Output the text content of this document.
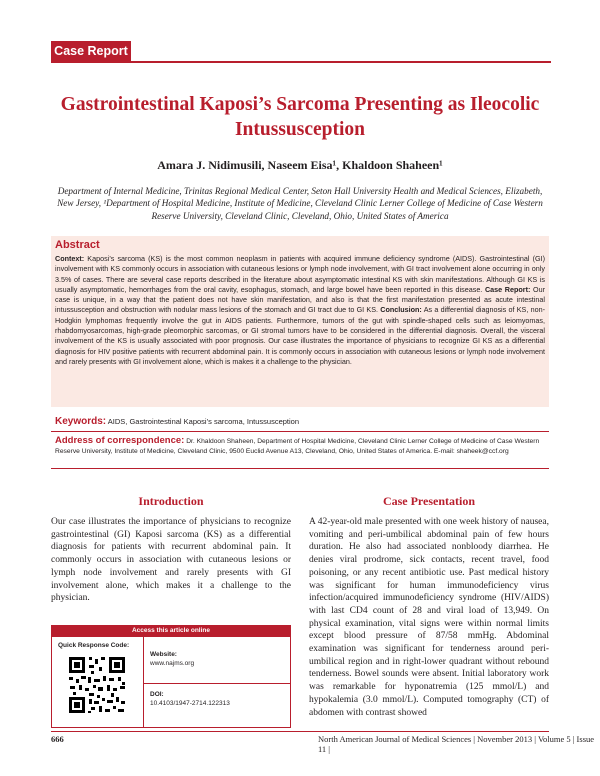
Case Report
Gastrointestinal Kaposi’s Sarcoma Presenting as Ileocolic Intussusception
Amara J. Nidimusili, Naseem Eisa¹, Khaldoon Shaheen¹
Department of Internal Medicine, Trinitas Regional Medical Center, Seton Hall University Health and Medical Sciences, Elizabeth, New Jersey, ¹Department of Hospital Medicine, Institute of Medicine, Cleveland Clinic Lerner College of Medicine of Case Western Reserve University, Cleveland Clinic, Cleveland, Ohio, United States of America
Abstract
Context: Kaposi’s sarcoma (KS) is the most common neoplasm in patients with acquired immune deficiency syndrome (AIDS). Gastrointestinal (GI) involvement with KS commonly occurs in association with cutaneous lesions or lymph node involvement, with GI tract involvement alone occurring in only 3.5% of cases. There are several case reports described in the literature about asymptomatic intestinal KS with skin manifestations. Although GI KS is usually asymptomatic, hemorrhages from the oral cavity, esophagus, stomach, and large bowel have been reported in this disease. Case Report: Our case is unique, in a way that the patient does not have skin manifestation, and also is that the first manifestation presented as acute intestinal intussusception and obstruction with nodular mass lesions of the stomach and GI tract due to GI KS. Conclusion: As a differential diagnosis of KS, non-Hodgkin lymphomas frequently involve the gut in AIDS patients. Furthermore, tumors of the gut with spindle-shaped cells such as leiomyomas, rhabdomyosarcomas, high-grade pleomorphic sarcomas, or GI stromal tumors have to be considered in the differential diagnosis. Overall, the visceral involvement of the KS is usually associated with poor prognosis. Our case illustrates the importance of physicians to recognize GI KS as a differential diagnosis for HIV positive patients with recurrent abdominal pain. It is commonly occurs in association with cutaneous lesions or lymph node involvement and rarely presents with GI involvement alone, which is makes it a challenge to the physician.
Keywords: AIDS, Gastrointestinal Kaposi’s sarcoma, Intussusception
Address of correspondence: Dr. Khaldoon Shaheen, Department of Hospital Medicine, Cleveland Clinic Lerner College of Medicine of Case Western Reserve University, Institute of Medicine, Cleveland Clinic, 9500 Euclid Avenue A13, Cleveland, Ohio, United States of America. E-mail: shaheek@ccf.org
Introduction
Our case illustrates the importance of physicians to recognize gastrointestinal (GI) Kaposi sarcoma (KS) as a differential diagnosis for patients with recurrent abdominal pain. It commonly occurs in association with cutaneous lesions or lymph node involvement and rarely presents with GI involvement alone, which makes it a challenge to the physician.
Case Presentation
A 42-year-old male presented with one week history of nausea, vomiting and peri-umbilical abdominal pain of few hours duration. He also had associated nonbloody diarrhea. He denies viral prodrome, sick contacts, recent travel, food poisoning, or any recent antibiotic use. Past medical history was significant for human immunodeficiency virus infection/acquired immunodeficiency syndrome (HIV/AIDS) with last CD4 count of 28 and viral load of 13,949. On physical examination, vital signs were within normal limits except blood pressure of 87/58 mmHg. Abdominal examination was significant for tenderness around peri-umbilical region and in right-lower quadrant without rebound tenderness. Bowel sounds were absent. Initial laboratory work was remarkable for hyponatremia (125 mmol/L) and hypokalemia (3.0 mmol/L). Computed tomography (CT) of abdomen with contrast showed
Access this article online
Quick Response Code:
Website:
www.najms.org
DOI:
10.4103/1947-2714.122313
666	North American Journal of Medical Sciences | November 2013 | Volume 5 | Issue 11 |
